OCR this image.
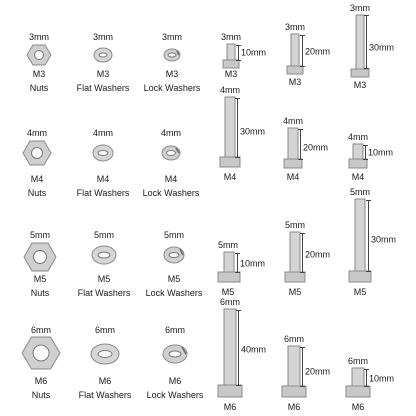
3mm
M3
Nuts
3mm
M3
Flat Washers
3mm
M3
Lock Washers
3mm
10mm
M3
3mm
20mm
M3
3mm
30mm
M3
4mm
M4
Nuts
4mm
M4
Flat Washers
4mm
M4
Lock Washers
4mm
30mm
M4
4mm
20mm
M4
4mm
10mm
M4
5mm
M5
Nuts
5mm
M5
Flat Washers
5mm
M5
Lock Washers
5mm
10mm
M5
5mm
20mm
M5
5mm
30mm
M5
6mm
M6
Nuts
6mm
M6
Flat Washers
6mm
M6
Lock Washers
6mm
40mm
M6
6mm
20mm
M6
6mm
10mm
M6
